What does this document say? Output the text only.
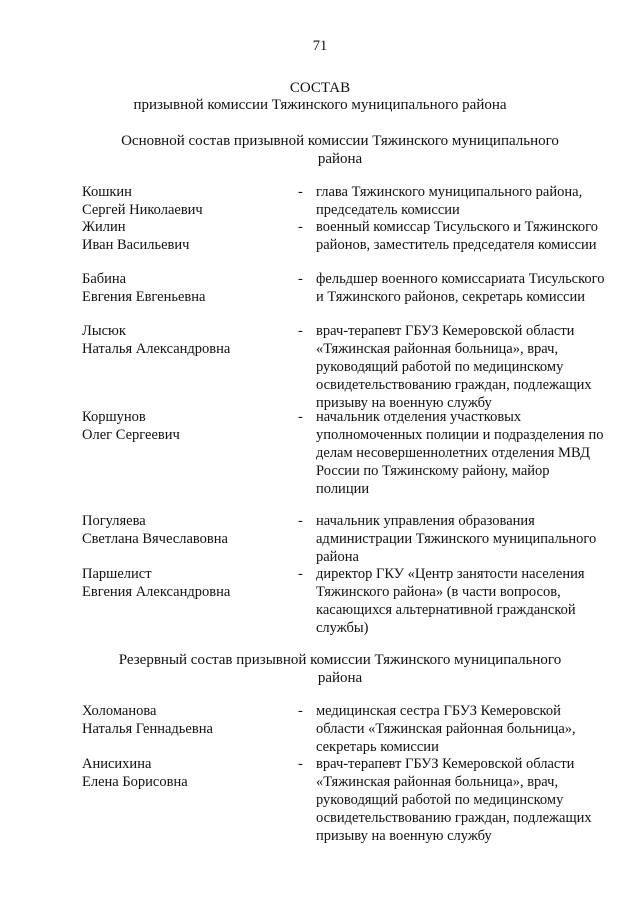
71
СОСТАВ
призывной комиссии Тяжинского муниципального района
Основной состав призывной комиссии Тяжинского муниципального района
Кошкин
Сергей Николаевич
- глава Тяжинского муниципального района, председатель комиссии
Жилин
Иван Васильевич
- военный комиссар Тисульского и Тяжинского районов, заместитель председателя комиссии
Бабина
Евгения Евгеньевна
- фельдшер военного комиссариата Тисульского и Тяжинского районов, секретарь комиссии
Лысюк
Наталья Александровна
- врач-терапевт ГБУЗ Кемеровской области «Тяжинская районная больница», врач, руководящий работой по медицинскому освидетельствованию граждан, подлежащих призыву на военную службу
Коршунов
Олег Сергеевич
- начальник отделения участковых уполномоченных полиции и подразделения по делам несовершеннолетних отделения МВД России по Тяжинскому району, майор полиции
Погуляева
Светлана Вячеславовна
- начальник управления образования администрации Тяжинского муниципального района
Паршелист
Евгения Александровна
- директор ГКУ «Центр занятости населения Тяжинского района» (в части вопросов, касающихся альтернативной гражданской службы)
Резервный состав призывной комиссии Тяжинского муниципального района
Холоманова
Наталья Геннадьевна
- медицинская сестра ГБУЗ Кемеровской области «Тяжинская районная больница», секретарь комиссии
Анисихина
Елена Борисовна
- врач-терапевт ГБУЗ Кемеровской области «Тяжинская районная больница», врач, руководящий работой по медицинскому освидетельствованию граждан, подлежащих призыву на военную службу
